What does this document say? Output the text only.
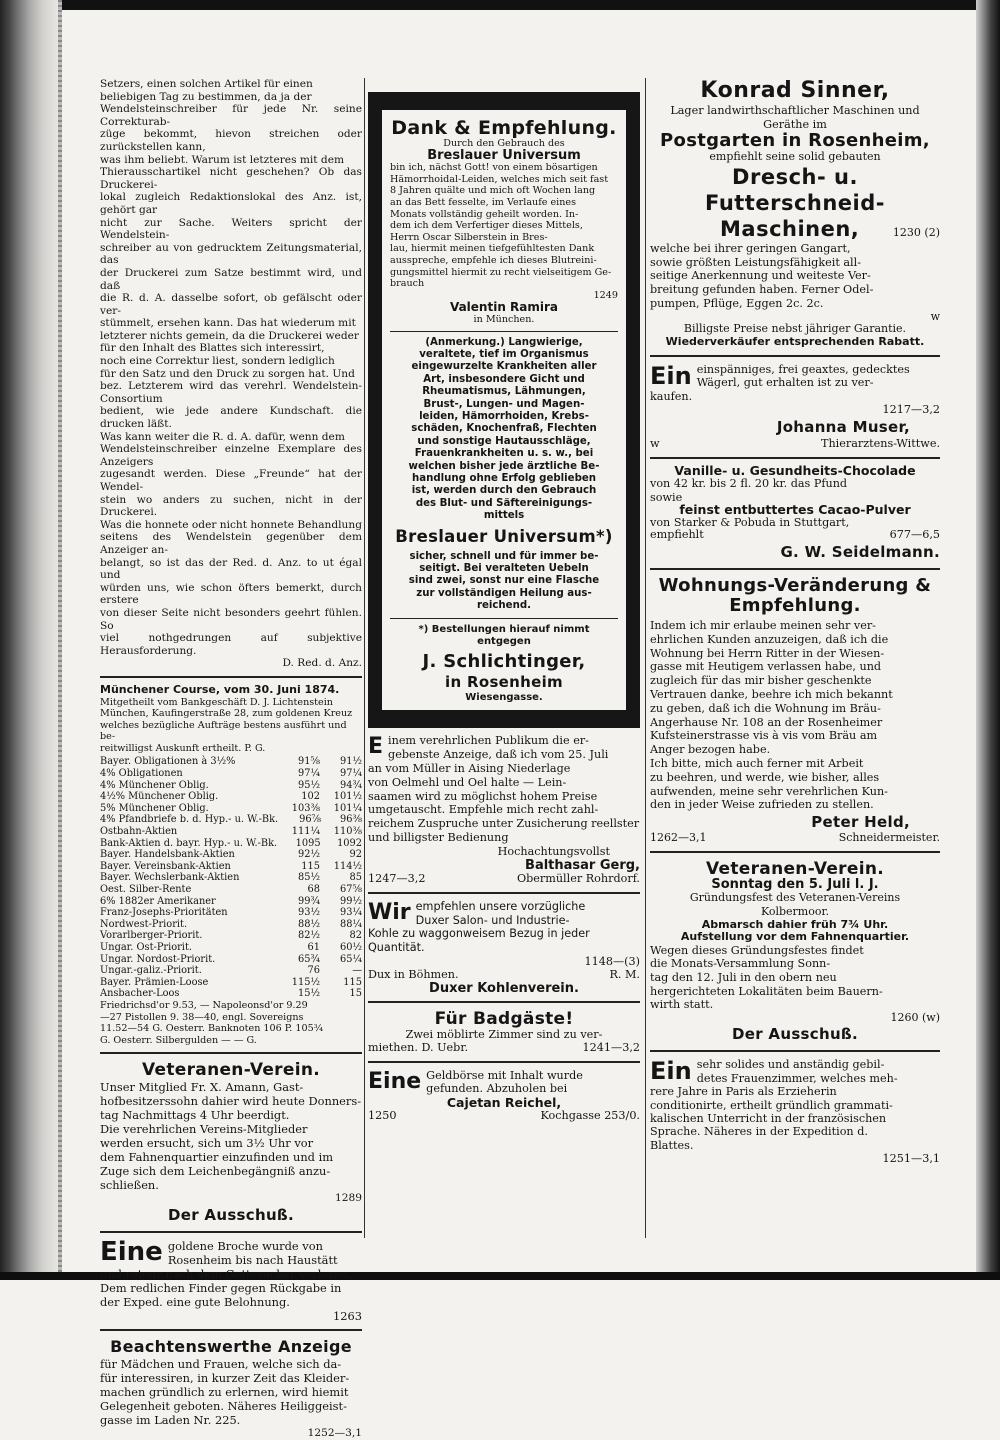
Setzers, einen solchen Artikel für einen
beliebigen Tag zu bestimmen, da ja der
Wendelsteinschreiber für jede Nr. seine Correkturab-
züge bekommt, hievon streichen oder zurückstellen kann,
was ihm beliebt. Warum ist letzteres mit dem
Thierausschartikel nicht geschehen? Ob das Druckerei-
lokal zugleich Redaktionslokal des Anz. ist, gehört gar
nicht zur Sache. Weiters spricht der Wendelstein-
schreiber au von gedrucktem Zeitungsmaterial, das
der Druckerei zum Satze bestimmt wird, und daß
die R. d. A. dasselbe sofort, ob gefälscht oder ver-
stümmelt, ersehen kann. Das hat wiederum mit
letzterer nichts gemein, da die Druckerei weder
für den Inhalt des Blattes sich interessirt,
noch eine Correktur liest, sondern lediglich
für den Satz und den Druck zu sorgen hat. Und
bez. Letzterem wird das verehrl. Wendelstein-Consortium
bedient, wie jede andere Kundschaft. die drucken läßt.
Was kann weiter die R. d. A. dafür, wenn dem
Wendelsteinschreiber einzelne Exemplare des Anzeigers
zugesandt werden. Diese „Freunde“ hat der Wendel-
stein wo anders zu suchen, nicht in der Druckerei.
Was die honnete oder nicht honnete Behandlung
seitens des Wendelstein gegenüber dem Anzeiger an-
belangt, so ist das der Red. d. Anz. to ut égal und
würden uns, wie schon öfters bemerkt, durch erstere
von dieser Seite nicht besonders geehrt fühlen. So
viel nothgedrungen auf subjektive Herausforderung.
D. Red. d. Anz.
Münchener Course, vom 30. Juni 1874.
Mitgetheilt vom Bankgeschäft D. J. Lichtenstein
München, Kaufingerstraße 28, zum goldenen Kreuz
welches bezügliche Aufträge bestens ausführt und be-
reitwilligst Auskunft ertheilt. P. G.
Bayer. Obligationen à 3½%	91⅝	91½
4% Obligationen	97¼	97¼
4% Münchener Oblig.	95½	94¾
4½% Münchener Oblig.	102	101½
5% Münchener Oblig.	103⅜	101¼
4% Pfandbriefe b. d. Hyp.- u. W.-Bk.	96⅞	96⅜
Ostbahn-Aktien	111¼	110⅜
Bank-Aktien d. bayr. Hyp.- u. W.-Bk.	1095	1092
Bayer. Handelsbank-Aktien	92½	92
Bayer. Vereinsbank-Aktien	115	114½
Bayer. Wechslerbank-Aktien	85½	85
Oest. Silber-Rente	68	67⅝
6% 1882er Amerikaner	99¾	99½
Franz-Josephs-Prioritäten	93½	93¼
Nordwest-Priorit.	88½	88¼
Vorarlberger-Priorit.	82½	82
Ungar. Ost-Priorit.	61	60½
Ungar. Nordost-Priorit.	65¾	65¼
Ungar.-galiz.-Priorit.	76	—
Bayer. Prämien-Loose	115½	115
Ansbacher-Loos	15½	15
Friedrichsd'or 9.53, — Napoleonsd'or 9.29
—27 Pistollen 9. 38—40, engl. Sovereigns
11.52—54 G. Oesterr. Banknoten 106 P. 105¾
G. Oesterr. Silbergulden — — G.
Veteranen-Verein.
Unser Mitglied Fr. X. Amann, Gast-
hofbesitzerssohn dahier wird heute Donners-
tag Nachmittags 4 Uhr beerdigt.
Die verehrlichen Vereins-Mitglieder
werden ersucht, sich um 3½ Uhr vor
dem Fahnenquartier einzufinden und im
Zuge sich dem Leichenbegängniß anzu-
schließen.
1289
Der Ausschuß.
Eine goldene Broche wurde von
Rosenheim bis nach Haustätt
und retour nach dem Gottesacker verloren.
Dem redlichen Finder gegen Rückgabe in
der Exped. eine gute Belohnung.
1263
Beachtenswerthe Anzeige
für Mädchen und Frauen, welche sich da-
für interessiren, in kurzer Zeit das Kleider-
machen gründlich zu erlernen, wird hiemit
Gelegenheit geboten. Näheres Heiliggeist-
gasse im Laden Nr. 225.
1252—3,1
Dank & Empfehlung.
Durch den Gebrauch des
Breslauer Universum
bin ich, nächst Gott! von einem bösartigen
Hämorrhoidal-Leiden, welches mich seit fast
8 Jahren quälte und mich oft Wochen lang
an das Bett fesselte, im Verlaufe eines
Monats vollständig geheilt worden. In-
dem ich dem Verfertiger dieses Mittels,
Herrn Oscar Silberstein in Bres-
lau, hiermit meinen tiefgefühltesten Dank
ausspreche, empfehle ich dieses Blutreini-
gungsmittel hiermit zu recht vielseitigem Ge-
brauch
1249
Valentin Ramira
in München.
(Anmerkung.) Langwierige,
veraltete, tief im Organismus
eingewurzelte Krankheiten aller
Art, insbesondere Gicht und
Rheumatismus, Lähmungen,
Brust-, Lungen- und Magen-
leiden, Hämorrhoiden, Krebs-
schäden, Knochenfraß, Flechten
und sonstige Hautausschläge,
Frauenkrankheiten u. s. w., bei
welchen bisher jede ärztliche Be-
handlung ohne Erfolg geblieben
ist, werden durch den Gebrauch
des Blut- und Säftereinigungs-
mittels
Breslauer Universum*)
sicher, schnell und für immer be-
seitigt. Bei veralteten Uebeln
sind zwei, sonst nur eine Flasche
zur vollständigen Heilung aus-
reichend.
*) Bestellungen hierauf nimmt
entgegen
J. Schlichtinger,
in Rosenheim
Wiesengasse.
E inem verehrlichen Publikum die er-
gebenste Anzeige, daß ich vom 25. Juli
an vom Müller in Aising Niederlage
von Oelmehl und Oel halte — Lein-
saamen wird zu möglichst hohem Preise
umgetauscht. Empfehle mich recht zahl-
reichem Zuspruche unter Zusicherung reellster
und billigster Bedienung
Hochachtungsvollst
Balthasar Gerg,
1247—3,2	Obermüller Rohrdorf.
Wir empfehlen unsere vorzügliche
Duxer Salon- und Industrie-
Kohle zu waggonweisem Bezug in jeder
Quantität.
1148—(3)
Dux in Böhmen.	R. M.
Duxer Kohlenverein.
Für Badgäste!
Zwei möblirte Zimmer sind zu ver-
miethen. D. Uebr.	1241—3,2
Eine Geldbörse mit Inhalt wurde
gefunden. Abzuholen bei
Cajetan Reichel,
1250	Kochgasse 253/0.
Konrad Sinner,
Lager landwirthschaftlicher Maschinen und
Geräthe im
Postgarten in Rosenheim,
empfiehlt seine solid gebauten
Dresch- u. Futterschneid-
Maschinen,	1230 (2)
welche bei ihrer geringen Gangart,
sowie größten Leistungsfähigkeit all-
seitige Anerkennung und weiteste Ver-
breitung gefunden haben. Ferner Odel-
pumpen, Pflüge, Eggen 2c. 2c.
w
Billigste Preise nebst jähriger Garantie.
Wiederverkäufer entsprechenden Rabatt.
Ein einspänniges, frei geaxtes, gedecktes
Wägerl, gut erhalten ist zu ver-
kaufen.
1217—3,2
Johanna Muser,
w	Thierarztens-Wittwe.
Vanille- u. Gesundheits-Chocolade
von 42 kr. bis 2 fl. 20 kr. das Pfund
sowie
feinst entbuttertes Cacao-Pulver
von Starker & Pobuda in Stuttgart,
empfiehlt	677—6,5
G. W. Seidelmann.
Wohnungs-Veränderung &
Empfehlung.
Indem ich mir erlaube meinen sehr ver-
ehrlichen Kunden anzuzeigen, daß ich die
Wohnung bei Herrn Ritter in der Wiesen-
gasse mit Heutigem verlassen habe, und
zugleich für das mir bisher geschenkte
Vertrauen danke, beehre ich mich bekannt
zu geben, daß ich die Wohnung im Bräu-
Angerhause Nr. 108 an der Rosenheimer
Kufsteinerstrasse vis à vis vom Bräu am
Anger bezogen habe.
Ich bitte, mich auch ferner mit Arbeit
zu beehren, und werde, wie bisher, alles
aufwenden, meine sehr verehrlichen Kun-
den in jeder Weise zufrieden zu stellen.
Peter Held,
1262—3,1	Schneidermeister.
Veteranen-Verein.
Sonntag den 5. Juli l. J.
Gründungsfest des Veteranen-Vereins
Kolbermoor.
Abmarsch dahier früh 7¾ Uhr.
Aufstellung vor dem Fahnenquartier.
Wegen dieses Gründungsfestes findet
die Monats-Versammlung Sonn-
tag den 12. Juli in den obern neu
hergerichteten Lokalitäten beim Bauern-
wirth statt.
1260 (w)
Der Ausschuß.
Ein sehr solides und anständig gebil-
detes Frauenzimmer, welches meh-
rere Jahre in Paris als Erzieherin
conditionirte, ertheilt gründlich grammati-
kalischen Unterricht in der französischen
Sprache. Näheres in der Expedition d.
Blattes.
1251—3,1
